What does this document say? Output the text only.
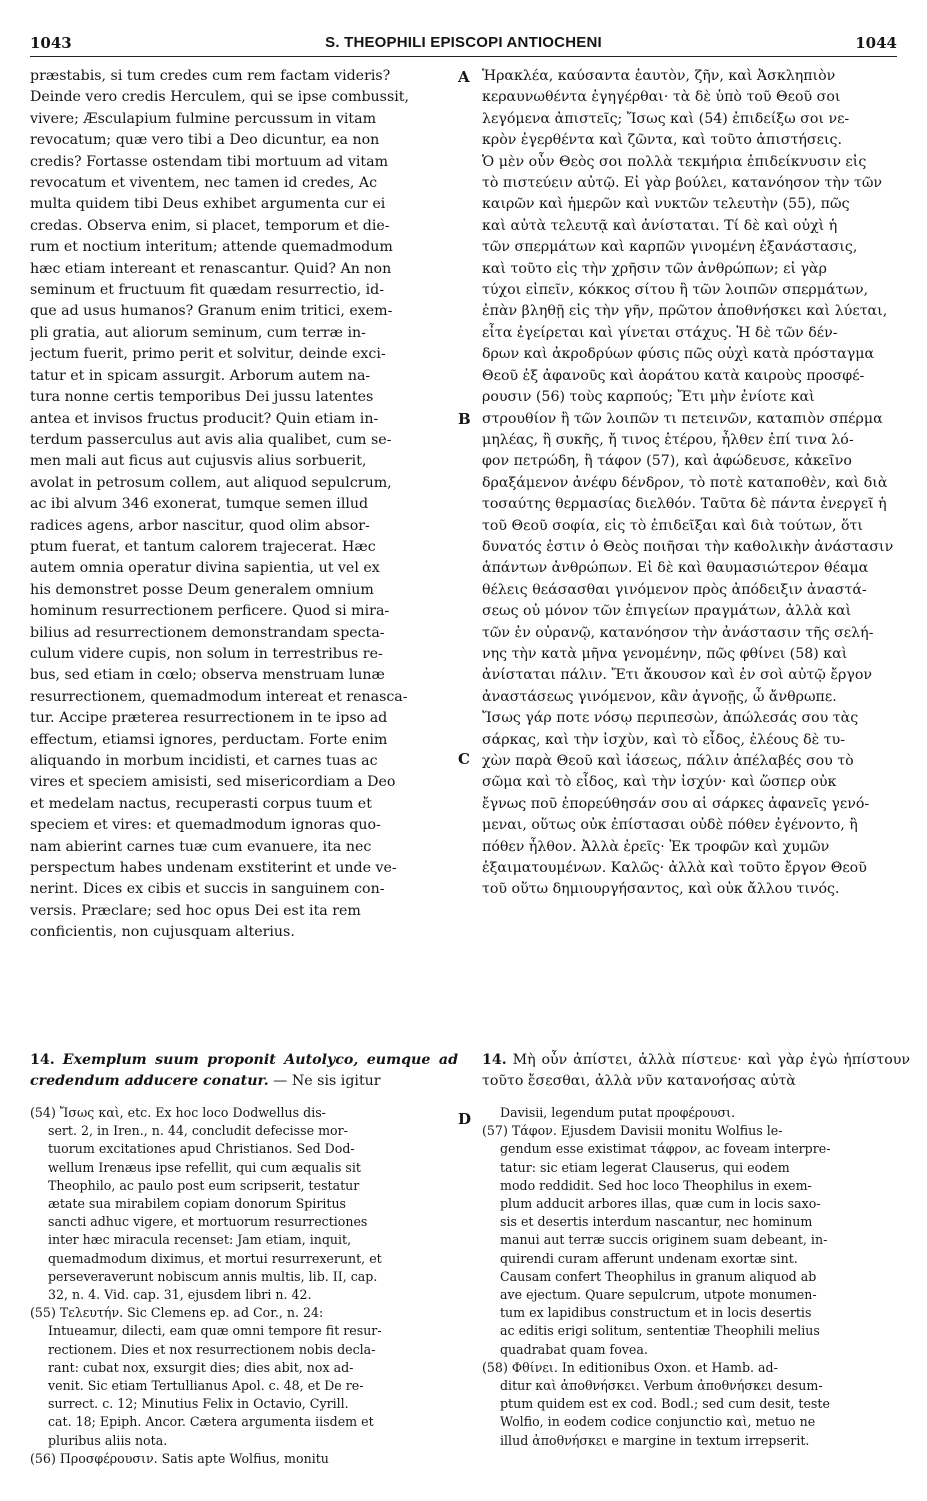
1043	S. THEOPHILI EPISCOPI ANTIOCHENI	1044
præstabis, si tum credes cum rem factam videris?
Deinde vero credis Herculem, qui se ipse combussit,
vivere; Æsculapium fulmine percussum in vitam
revocatum; quæ vero tibi a Deo dicuntur, ea non
credis? Fortasse ostendam tibi mortuum ad vitam
revocatum et viventem, nec tamen id credes, Ac
multa quidem tibi Deus exhibet argumenta cur ei
credas. Observa enim, si placet, temporum et die-
rum et noctium interitum; attende quemadmodum
hæc etiam intereant et renascantur. Quid? An non
seminum et fructuum fit quædam resurrectio, id-
que ad usus humanos? Granum enim tritici, exem-
pli gratia, aut aliorum seminum, cum terræ in-
jectum fuerit, primo perit et solvitur, deinde exci-
tatur et in spicam assurgit. Arborum autem na-
tura nonne certis temporibus Dei jussu latentes
antea et invisos fructus producit? Quin etiam in-
terdum passerculus aut avis alia qualibet, cum se-
men mali aut ficus aut cujusvis alius sorbuerit,
avolat in petrosum collem, aut aliquod sepulcrum,
ac ibi alvum 346 exonerat, tumque semen illud
radices agens, arbor nascitur, quod olim absor-
ptum fuerat, et tantum calorem trajecerat. Hæc
autem omnia operatur divina sapientia, ut vel ex
his demonstret posse Deum generalem omnium
hominum resurrectionem perficere. Quod si mira-
bilius ad resurrectionem demonstrandam specta-
culum videre cupis, non solum in terrestribus re-
bus, sed etiam in cœlo; observa menstruam lunæ
resurrectionem, quemadmodum intereat et renasca-
tur. Accipe præterea resurrectionem in te ipso ad
effectum, etiamsi ignores, perductam. Forte enim
aliquando in morbum incidisti, et carnes tuas ac
vires et speciem amisisti, sed misericordiam a Deo
et medelam nactus, recuperasti corpus tuum et
speciem et vires: et quemadmodum ignoras quo-
nam abierint carnes tuæ cum evanuere, ita nec
perspectum habes undenam exstiterint et unde ve-
nerint. Dices ex cibis et succis in sanguinem con-
versis. Præclare; sed hoc opus Dei est ita rem
conficientis, non cujusquam alterius.
Ἡρακλέα, καύσαντα ἑαυτὸν, ζῆν, καὶ Ἀσκληπιὸν
κεραυνωθέντα ἐγηγέρθαι· τὰ δὲ ὑπὸ τοῦ Θεοῦ σοι
λεγόμενα ἀπιστεῖς; Ἴσως καὶ (54) ἐπιδείξω σοι νε-
κρὸν ἐγερθέντα καὶ ζῶντα, καὶ τοῦτο ἀπιστήσεις.
Ὁ μὲν οὖν Θεὸς σοι πολλὰ τεκμήρια ἐπιδείκνυσιν εἰς
τὸ πιστεύειν αὐτῷ. Εἰ γὰρ βούλει, κατανόησον τὴν τῶν
καιρῶν καὶ ἡμερῶν καὶ νυκτῶν τελευτὴν (55), πῶς
καὶ αὐτὰ τελευτᾷ καὶ ἀνίσταται. Τί δὲ καὶ οὐχὶ ἡ
τῶν σπερμάτων καὶ καρπῶν γινομένη ἐξανάστασις,
καὶ τοῦτο εἰς τὴν χρῆσιν τῶν ἀνθρώπων; εἰ γὰρ
τύχοι εἰπεῖν, κόκκος σίτου ἢ τῶν λοιπῶν σπερμάτων,
ἐπὰν βληθῇ εἰς τὴν γῆν, πρῶτον ἀποθνήσκει καὶ λύεται,
εἶτα ἐγείρεται καὶ γίνεται στάχυς. Ἡ δὲ τῶν δέν-
δρων καὶ ἀκροδρύων φύσις πῶς οὐχὶ κατὰ πρόσταγμα
Θεοῦ ἐξ ἀφανοῦς καὶ ἀοράτου κατὰ καιροὺς προσφέ-
ρουσιν (56) τοὺς καρπούς; Ἔτι μὴν ἐνίοτε καὶ
στρουθίον ἢ τῶν λοιπῶν τι πετεινῶν, καταπιὸν σπέρμα
μηλέας, ἢ συκῆς, ἤ τινος ἑτέρου, ἦλθεν ἐπί τινα λό-
φον πετρώδη, ἢ τάφον (57), καὶ ἀφώδευσε, κἀκεῖνο
δραξάμενον ἀνέφυ δένδρον, τὸ ποτὲ καταποθὲν, καὶ διὰ
τοσαύτης θερμασίας διελθόν. Ταῦτα δὲ πάντα ἐνεργεῖ ἡ
τοῦ Θεοῦ σοφία, εἰς τὸ ἐπιδεῖξαι καὶ διὰ τούτων, ὅτι
δυνατός ἐστιν ὁ Θεὸς ποιῆσαι τὴν καθολικὴν ἀνάστασιν
ἁπάντων ἀνθρώπων. Εἰ δὲ καὶ θαυμασιώτερον θέαμα
θέλεις θεάσασθαι γινόμενον πρὸς ἀπόδειξιν ἀναστά-
σεως οὐ μόνον τῶν ἐπιγείων πραγμάτων, ἀλλὰ καὶ
τῶν ἐν οὐρανῷ, κατανόησον τὴν ἀνάστασιν τῆς σελή-
νης τὴν κατὰ μῆνα γενομένην, πῶς φθίνει (58) καὶ
ἀνίσταται πάλιν. Ἔτι ἄκουσον καὶ ἐν σοὶ αὐτῷ ἔργον
ἀναστάσεως γινόμενον, κἂν ἀγνοῇς, ὦ ἄνθρωπε.
Ἴσως γάρ ποτε νόσῳ περιπεσὼν, ἀπώλεσάς σου τὰς
σάρκας, καὶ τὴν ἰσχὺν, καὶ τὸ εἶδος, ἐλέους δὲ τυ-
χὼν παρὰ Θεοῦ καὶ ἰάσεως, πάλιν ἀπέλαβές σου τὸ
σῶμα καὶ τὸ εἶδος, καὶ τὴν ἰσχύν· καὶ ὥσπερ οὐκ
ἔγνως ποῦ ἐπορεύθησάν σου αἱ σάρκες ἀφανεῖς γενό-
μεναι, οὕτως οὐκ ἐπίστασαι οὐδὲ πόθεν ἐγένοντο, ἢ
πόθεν ἦλθον. Ἀλλὰ ἐρεῖς· Ἐκ τροφῶν καὶ χυμῶν
ἐξαιματουμένων. Καλῶς· ἀλλὰ καὶ τοῦτο ἔργον Θεοῦ
τοῦ οὕτω δημιουργήσαντος, καὶ οὐκ ἄλλου τινός.
A
B
C
D
14. Exemplum suum proponit Autolyco, eumque ad credendum adducere conatur. — Ne sis igitur
14. Μὴ οὖν ἀπίστει, ἀλλὰ πίστευε· καὶ γὰρ ἐγὼ ἠπίστουν τοῦτο ἔσεσθαι, ἀλλὰ νῦν κατανοήσας αὐτὰ
(54) Ἴσως καὶ, etc. Ex hoc loco Dodwellus dis-
sert. 2, in Iren., n. 44, concludit defecisse mor-
tuorum excitationes apud Christianos. Sed Dod-
wellum Irenæus ipse refellit, qui cum æqualis sit
Theophilo, ac paulo post eum scripserit, testatur
ætate sua mirabilem copiam donorum Spiritus
sancti adhuc vigere, et mortuorum resurrectiones
inter hæc miracula recenset: Jam etiam, inquit,
quemadmodum diximus, et mortui resurrexerunt, et
perseveraverunt nobiscum annis multis, lib. II, cap.
32, n. 4. Vid. cap. 31, ejusdem libri n. 42.
(55) Τελευτήν. Sic Clemens ep. ad Cor., n. 24:
Intueamur, dilecti, eam quæ omni tempore fit resur-
rectionem. Dies et nox resurrectionem nobis decla-
rant: cubat nox, exsurgit dies; dies abit, nox ad-
venit. Sic etiam Tertullianus Apol. c. 48, et De re-
surrect. c. 12; Minutius Felix in Octavio, Cyrill.
cat. 18; Epiph. Ancor. Cætera argumenta iisdem et
pluribus aliis nota.
(56) Προσφέρουσιν. Satis apte Wolfius, monitu
Davisii, legendum putat προφέρουσι.
(57) Τάφον. Ejusdem Davisii monitu Wolfius le-
gendum esse existimat τάφρον, ac foveam interpre-
tatur: sic etiam legerat Clauserus, qui eodem
modo reddidit. Sed hoc loco Theophilus in exem-
plum adducit arbores illas, quæ cum in locis saxo-
sis et desertis interdum nascantur, nec hominum
manui aut terræ succis originem suam debeant, in-
quirendi curam afferunt undenam exortæ sint.
Causam confert Theophilus in granum aliquod ab
ave ejectum. Quare sepulcrum, utpote monumen-
tum ex lapidibus constructum et in locis desertis
ac editis erigi solitum, sententiæ Theophili melius
quadrabat quam fovea.
(58) Φθίνει. In editionibus Oxon. et Hamb. ad-
ditur καὶ ἀποθνήσκει. Verbum ἀποθνήσκει desum-
ptum quidem est ex cod. Bodl.; sed cum desit, teste
Wolfio, in eodem codice conjunctio καὶ, metuo ne
illud ἀποθνήσκει e margine in textum irrepserit.
